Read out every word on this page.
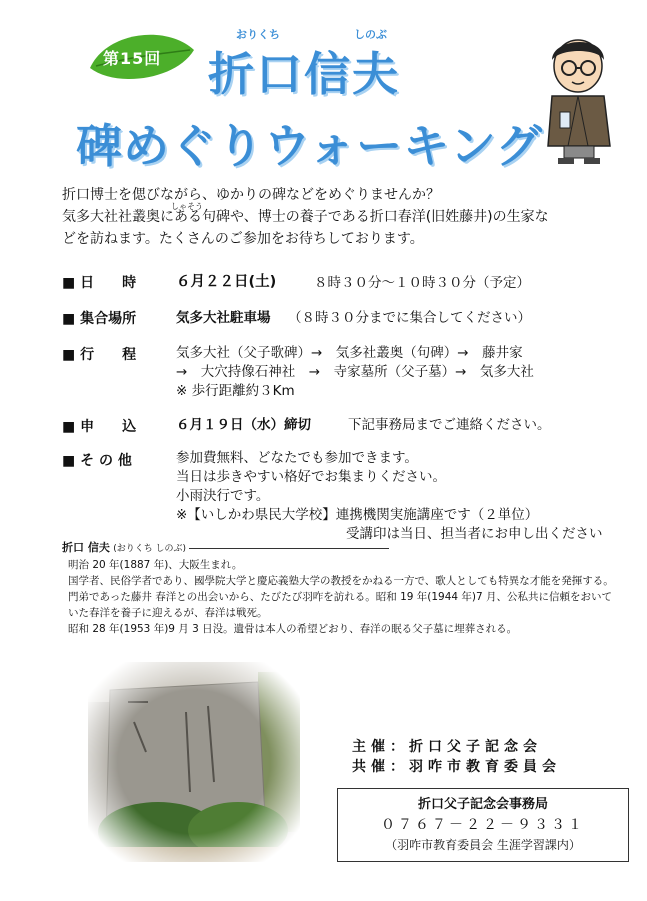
第15回
おりくち	しのぶ
折口信夫
碑めぐりウォーキング
折口博士を偲びながら、ゆかりの碑などをめぐりませんか？
しゃそう
気多大社社叢奥にある句碑や、博士の養子である折口春洋(旧姓藤井)の生家な
どを訪ねます。たくさんのご参加をお待ちしております。
■ 日　　時	６月２２日(土)	８時３０分～１０時３０分（予定）
■ 集合場所	気多大社駐車場 （８時３０分までに集合してください）
■ 行　　程	気多大社（父子歌碑）→　気多社叢奥（句碑）→　藤井家
→　大穴持像石神社　→　寺家墓所（父子墓）→　気多大社
※ 歩行距離約３Km
■ 申　　込	６月１９日（水）締切	下記事務局までご連絡ください。
■ そ の 他	参加費無料、どなたでも参加できます。
当日は歩きやすい格好でお集まりください。
小雨決行です。
※【いしかわ県民大学校】連携機関実施講座です（２単位）
受講印は当日、担当者にお申し出ください

折口 信夫 (おりくち しのぶ)

明治 20 年(1887 年)、大阪生まれ。

国学者、民俗学者であり、國學院大学と慶応義塾大学の教授をかねる一方で、歌人としても特異な才能を発揮する。

門弟であった藤井 春洋との出会いから、たびたび羽咋を訪れる。昭和 19 年(1944 年)7 月、公私共に信頼をおいていた春洋を養子に迎えるが、春洋は戦死。

昭和 28 年(1953 年)9 月 3 日没。遺骨は本人の希望どおり、春洋の眠る父子墓に埋葬される。

主催：折口父子記念会
共催：羽咋市教育委員会
折口父子記念会事務局
０７６７－２２－９３３１
（羽咋市教育委員会 生涯学習課内）
